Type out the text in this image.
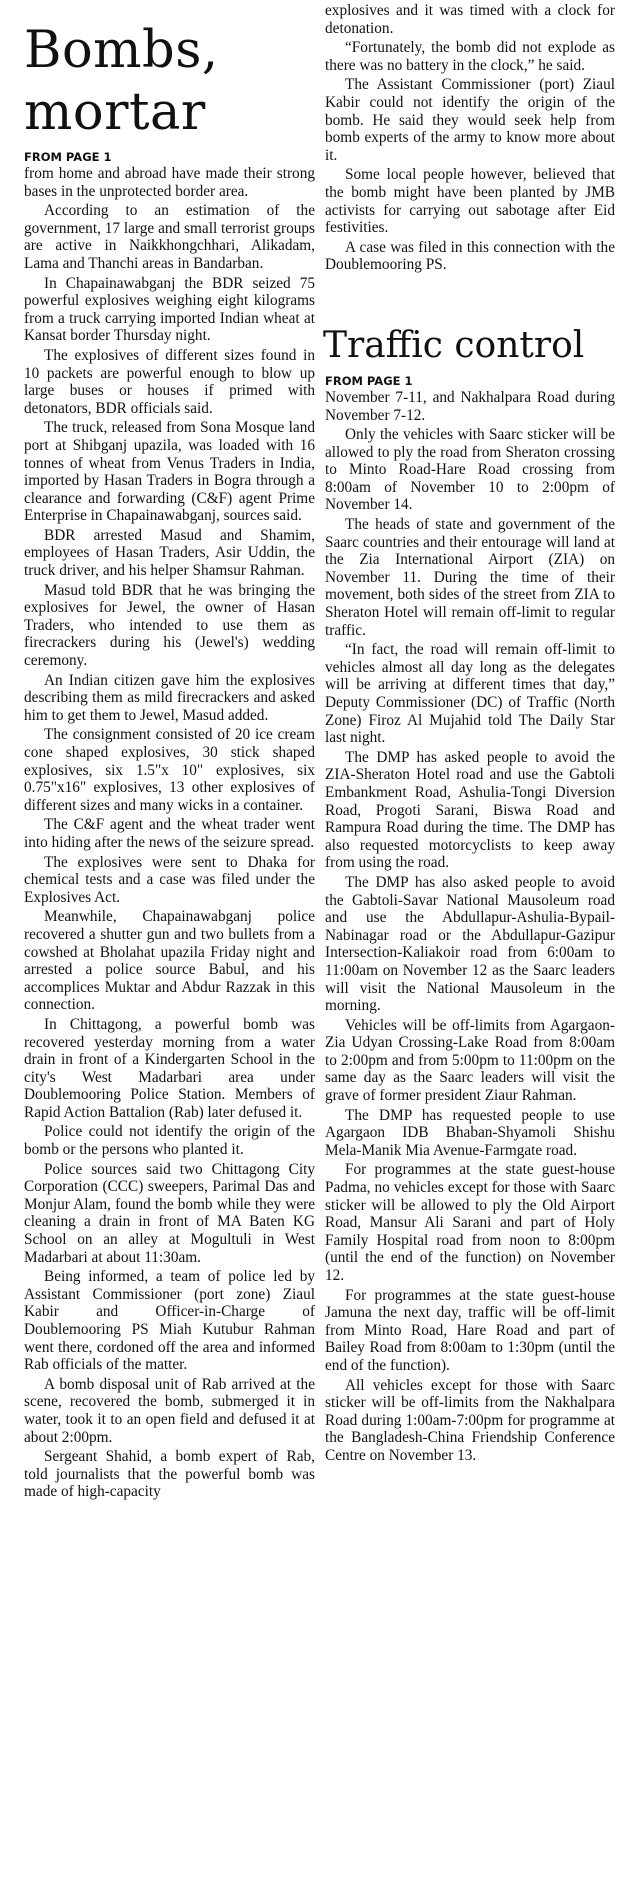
Bombs, mortar
FROM PAGE 1

from home and abroad have made their strong bases in the unprotected border area.

According to an estimation of the government, 17 large and small terrorist groups are active in Naikkhongchhari, Alikadam, Lama and Thanchi areas in Bandarban.

In Chapainawabganj the BDR seized 75 powerful explosives weighing eight kilograms from a truck carrying imported Indian wheat at Kansat border Thursday night.

The explosives of different sizes found in 10 packets are powerful enough to blow up large buses or houses if primed with detonators, BDR officials said.

The truck, released from Sona Mosque land port at Shibganj upazila, was loaded with 16 tonnes of wheat from Venus Traders in India, imported by Hasan Traders in Bogra through a clearance and forwarding (C&F) agent Prime Enterprise in Chapainawabganj, sources said.

BDR arrested Masud and Shamim, employees of Hasan Traders, Asir Uddin, the truck driver, and his helper Shamsur Rahman.

Masud told BDR that he was bringing the explosives for Jewel, the owner of Hasan Traders, who intended to use them as firecrackers during his (Jewel's) wedding ceremony.

An Indian citizen gave him the explosives describing them as mild firecrackers and asked him to get them to Jewel, Masud added.

The consignment consisted of 20 ice cream cone shaped explosives, 30 stick shaped explosives, six 1.5"x 10" explosives, six 0.75"x16" explosives, 13 other explosives of different sizes and many wicks in a container.

The C&F agent and the wheat trader went into hiding after the news of the seizure spread.

The explosives were sent to Dhaka for chemical tests and a case was filed under the Explosives Act.

Meanwhile, Chapainawabganj police recovered a shutter gun and two bullets from a cowshed at Bholahat upazila Friday night and arrested a police source Babul, and his accomplices Muktar and Abdur Razzak in this connection.

In Chittagong, a powerful bomb was recovered yesterday morning from a water drain in front of a Kindergarten School in the city's West Madarbari area under Doublemooring Police Station. Members of Rapid Action Battalion (Rab) later defused it.

Police could not identify the origin of the bomb or the persons who planted it.

Police sources said two Chittagong City Corporation (CCC) sweepers, Parimal Das and Monjur Alam, found the bomb while they were cleaning a drain in front of MA Baten KG School on an alley at Mogultuli in West Madarbari at about 11:30am.

Being informed, a team of police led by Assistant Commissioner (port zone) Ziaul Kabir and Officer-in-Charge of Doublemooring PS Miah Kutubur Rahman went there, cordoned off the area and informed Rab officials of the matter.

A bomb disposal unit of Rab arrived at the scene, recovered the bomb, submerged it in water, took it to an open field and defused it at about 2:00pm.

Sergeant Shahid, a bomb expert of Rab, told journalists that the powerful bomb was made of high-capacity

explosives and it was timed with a clock for detonation.

“Fortunately, the bomb did not explode as there was no battery in the clock,” he said.

The Assistant Commissioner (port) Ziaul Kabir could not identify the origin of the bomb. He said they would seek help from bomb experts of the army to know more about it.

Some local people however, believed that the bomb might have been planted by JMB activists for carrying out sabotage after Eid festivities.

A case was filed in this connection with the Doublemooring PS.

Traffic control
FROM PAGE 1

November 7-11, and Nakhalpara Road during November 7-12.

Only the vehicles with Saarc sticker will be allowed to ply the road from Sheraton crossing to Minto Road-Hare Road crossing from 8:00am of November 10 to 2:00pm of November 14.

The heads of state and government of the Saarc countries and their entourage will land at the Zia International Airport (ZIA) on November 11. During the time of their movement, both sides of the street from ZIA to Sheraton Hotel will remain off-limit to regular traffic.

“In fact, the road will remain off-limit to vehicles almost all day long as the delegates will be arriving at different times that day,” Deputy Commissioner (DC) of Traffic (North Zone) Firoz Al Mujahid told The Daily Star last night.

The DMP has asked people to avoid the ZIA-Sheraton Hotel road and use the Gabtoli Embankment Road, Ashulia-Tongi Diversion Road, Progoti Sarani, Biswa Road and Rampura Road during the time. The DMP has also requested motorcyclists to keep away from using the road.

The DMP has also asked people to avoid the Gabtoli-Savar National Mausoleum road and use the Abdullapur-Ashulia-Bypail-Nabinagar road or the Abdullapur-Gazipur Intersection-Kaliakoir road from 6:00am to 11:00am on November 12 as the Saarc leaders will visit the National Mausoleum in the morning.

Vehicles will be off-limits from Agargaon-Zia Udyan Crossing-Lake Road from 8:00am to 2:00pm and from 5:00pm to 11:00pm on the same day as the Saarc leaders will visit the grave of former president Ziaur Rahman.

The DMP has requested people to use Agargaon IDB Bhaban-Shyamoli Shishu Mela-Manik Mia Avenue-Farmgate road.

For programmes at the state guest-house Padma, no vehicles except for those with Saarc sticker will be allowed to ply the Old Airport Road, Mansur Ali Sarani and part of Holy Family Hospital road from noon to 8:00pm (until the end of the function) on November 12.

For programmes at the state guest-house Jamuna the next day, traffic will be off-limit from Minto Road, Hare Road and part of Bailey Road from 8:00am to 1:30pm (until the end of the function).

All vehicles except for those with Saarc sticker will be off-limits from the Nakhalpara Road during 1:00am-7:00pm for programme at the Bangladesh-China Friendship Conference Centre on November 13.
